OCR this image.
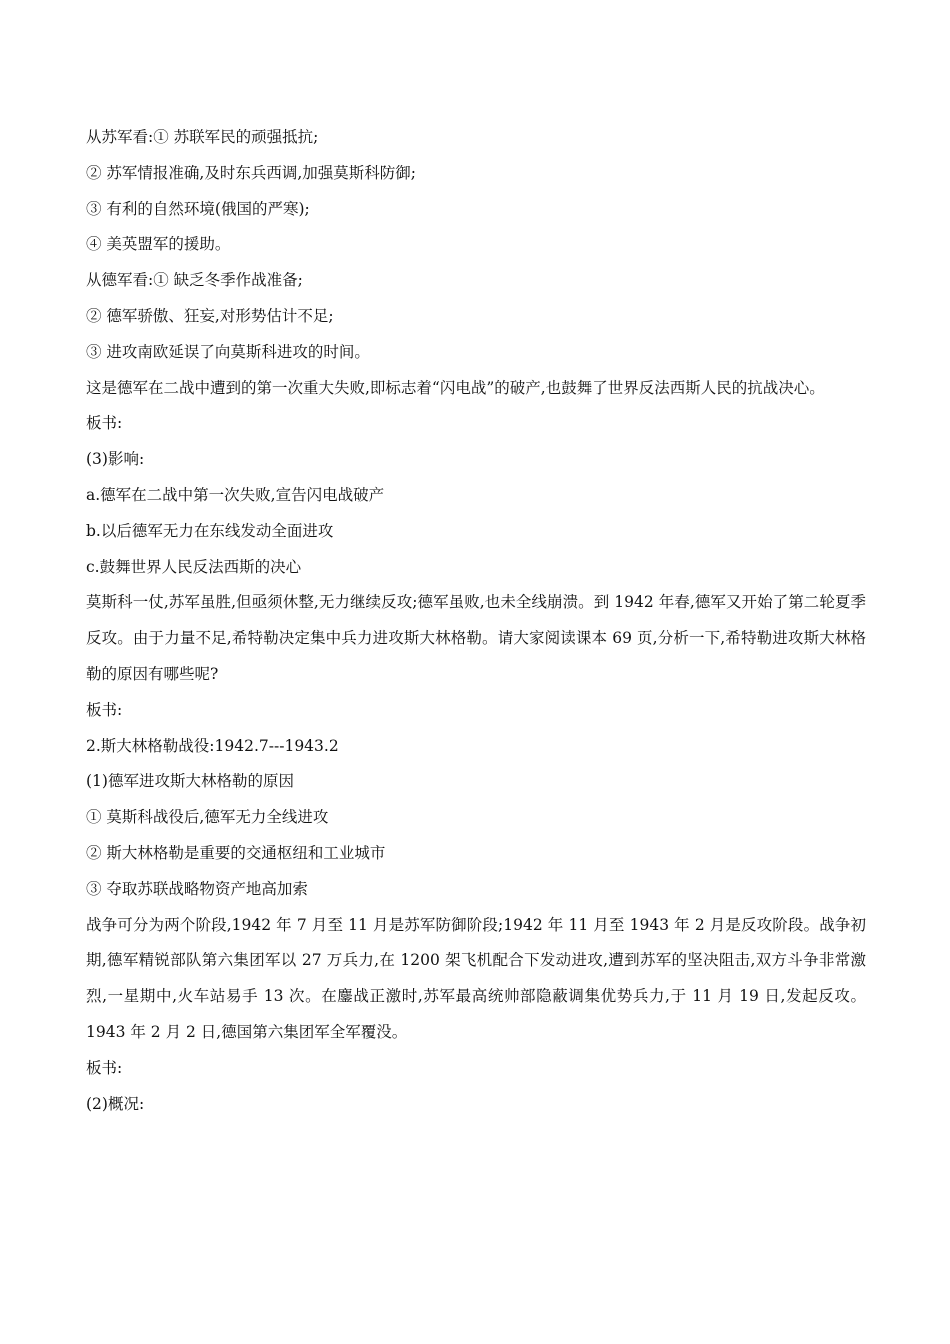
从苏军看:① 苏联军民的顽强抵抗;
② 苏军情报准确,及时东兵西调,加强莫斯科防御;
③ 有利的自然环境(俄国的严寒);
④ 美英盟军的援助。
从德军看:① 缺乏冬季作战准备;
② 德军骄傲、狂妄,对形势估计不足;
③ 进攻南欧延误了向莫斯科进攻的时间。
这是德军在二战中遭到的第一次重大失败,即标志着“闪电战”的破产,也鼓舞了世界反法西斯人民的抗战决心。
板书:
(3)影响:
a.德军在二战中第一次失败,宣告闪电战破产
b.以后德军无力在东线发动全面进攻
c.鼓舞世界人民反法西斯的决心
莫斯科一仗,苏军虽胜,但亟须休整,无力继续反攻;德军虽败,也未全线崩溃。到 1942 年春,德军又开始了第二轮夏季反攻。由于力量不足,希特勒决定集中兵力进攻斯大林格勒。请大家阅读课本 69 页,分析一下,希特勒进攻斯大林格勒的原因有哪些呢?
板书:
2.斯大林格勒战役:1942.7---1943.2
(1)德军进攻斯大林格勒的原因
① 莫斯科战役后,德军无力全线进攻
② 斯大林格勒是重要的交通枢纽和工业城市
③ 夺取苏联战略物资产地高加索
战争可分为两个阶段,1942 年 7 月至 11 月是苏军防御阶段;1942 年 11 月至 1943 年 2 月是反攻阶段。战争初期,德军精锐部队第六集团军以 27 万兵力,在 1200 架飞机配合下发动进攻,遭到苏军的坚决阻击,双方斗争非常激烈,一星期中,火车站易手 13 次。在鏖战正激时,苏军最高统帅部隐蔽调集优势兵力,于 11 月 19 日,发起反攻。1943 年 2 月 2 日,德国第六集团军全军覆没。
板书:
(2)概况:
